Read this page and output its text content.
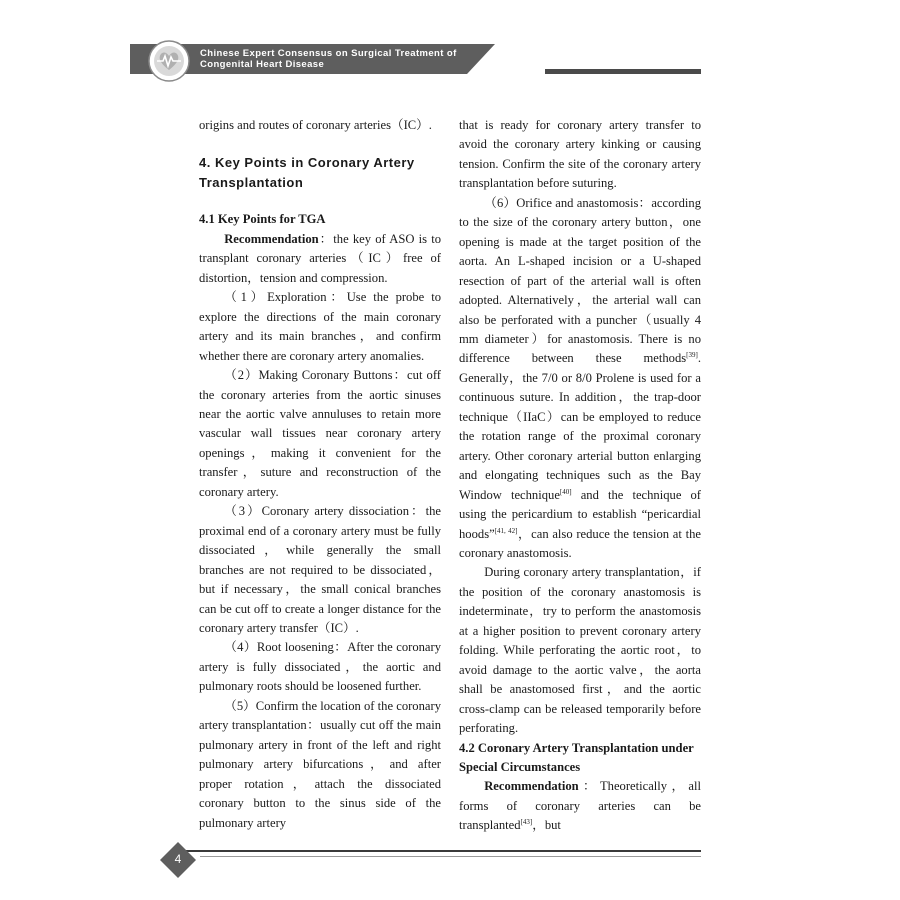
Chinese Expert Consensus on Surgical Treatment of
Congenital Heart Disease

origins and routes of coronary arteries（IC）.

4. Key Points in Coronary Artery Transplantation

4.1 Key Points for TGA

Recommendation：the key of ASO is to transplant coronary arteries（IC）free of distortion，tension and compression.

（1）Exploration：Use the probe to explore the directions of the main coronary artery and its main branches，and confirm whether there are coronary artery anomalies.

（2）Making Coronary Buttons：cut off the coronary arteries from the aortic sinuses near the aortic valve annuluses to retain more vascular wall tissues near coronary artery openings，making it convenient for the transfer，suture and reconstruction of the coronary artery.

（3）Coronary artery dissociation：the proximal end of a coronary artery must be fully dissociated，while generally the small branches are not required to be dissociated，but if necessary，the small conical branches can be cut off to create a longer distance for the coronary artery transfer（IC）.

（4）Root loosening：After the coronary artery is fully dissociated，the aortic and pulmonary roots should be loosened further.

（5）Confirm the location of the coronary artery transplantation：usually cut off the main pulmonary artery in front of the left and right pulmonary artery bifurcations，and after proper rotation，attach the dissociated coronary button to the sinus side of the pulmonary artery

that is ready for coronary artery transfer to avoid the coronary artery kinking or causing tension. Confirm the site of the coronary artery transplantation before suturing.

（6）Orifice and anastomosis：according to the size of the coronary artery button，one opening is made at the target position of the aorta. An L-shaped incision or a U-shaped resection of part of the arterial wall is often adopted. Alternatively，the arterial wall can also be perforated with a puncher（usually 4 mm diameter）for anastomosis. There is no difference between these methods[39]. Generally，the 7/0 or 8/0 Prolene is used for a continuous suture. In addition，the trap-door technique（IIaC）can be employed to reduce the rotation range of the proximal coronary artery. Other coronary arterial button enlarging and elongating techniques such as the Bay Window technique[40] and the technique of using the pericardium to establish “pericardial hoods”[41, 42]，can also reduce the tension at the coronary anastomosis.

During coronary artery transplantation，if the position of the coronary anastomosis is indeterminate，try to perform the anastomosis at a higher position to prevent coronary artery folding. While perforating the aortic root，to avoid damage to the aortic valve，the aorta shall be anastomosed first，and the aortic cross-clamp can be released temporarily before perforating.

4.2 Coronary Artery Transplantation under Special Circumstances

Recommendation：Theoretically，all forms of coronary arteries can be transplanted[43]，but

4
